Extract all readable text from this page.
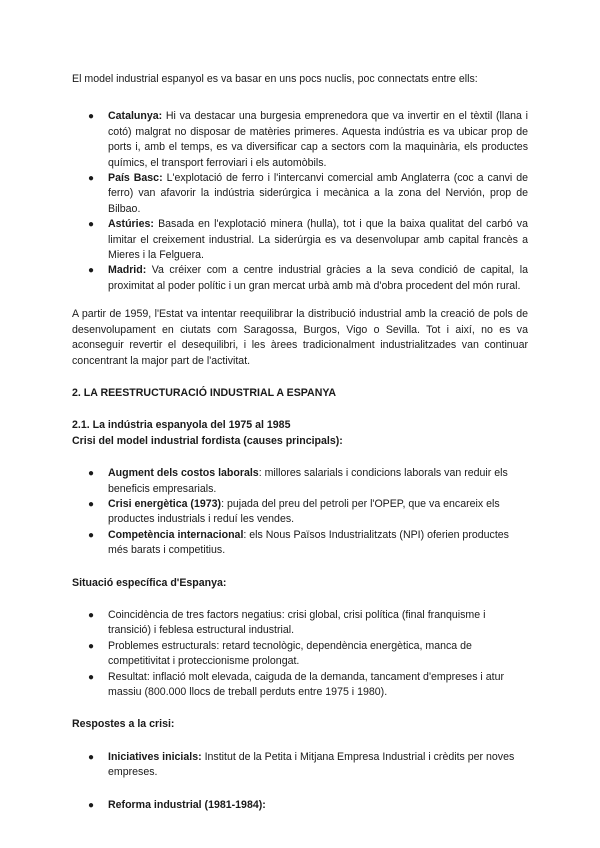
El model industrial espanyol es va basar en uns pocs nuclis, poc connectats entre ells:

● Catalunya: Hi va destacar una burgesia emprenedora que va invertir en el tèxtil (llana i cotó) malgrat no disposar de matèries primeres. Aquesta indústria es va ubicar prop de ports i, amb el temps, es va diversificar cap a sectors com la maquinària, els productes químics, el transport ferroviari i els automòbils.
● País Basc: L'explotació de ferro i l'intercanvi comercial amb Anglaterra (coc a canvi de ferro) van afavorir la indústria siderúrgica i mecànica a la zona del Nervión, prop de Bilbao.
● Astúries: Basada en l'explotació minera (hulla), tot i que la baixa qualitat del carbó va limitar el creixement industrial. La siderúrgia es va desenvolupar amb capital francès a Mieres i la Felguera.
● Madrid: Va créixer com a centre industrial gràcies a la seva condició de capital, la proximitat al poder polític i un gran mercat urbà amb mà d'obra procedent del món rural.

A partir de 1959, l'Estat va intentar reequilibrar la distribució industrial amb la creació de pols de desenvolupament en ciutats com Saragossa, Burgos, Vigo o Sevilla. Tot i així, no es va aconseguir revertir el desequilibri, i les àrees tradicionalment industrialitzades van continuar concentrant la major part de l'activitat.

2. LA REESTRUCTURACIÓ INDUSTRIAL A ESPANYA

2.1. La indústria espanyola del 1975 al 1985

Crisi del model industrial fordista (causes principals):

● Augment dels costos laborals: millores salarials i condicions laborals van reduir els beneficis empresarials.
● Crisi energètica (1973): pujada del preu del petroli per l'OPEP, que va encareix els productes industrials i reduí les vendes.
● Competència internacional: els Nous Països Industrialitzats (NPI) oferien productes més barats i competitius.

Situació específica d'Espanya:

● Coincidència de tres factors negatius: crisi global, crisi política (final franquisme i transició) i feblesa estructural industrial.
● Problemes estructurals: retard tecnològic, dependència energètica, manca de competitivitat i proteccionisme prolongat.
● Resultat: inflació molt elevada, caiguda de la demanda, tancament d'empreses i atur massiu (800.000 llocs de treball perduts entre 1975 i 1980).

Respostes a la crisi:

● Iniciatives inicials: Institut de la Petita i Mitjana Empresa Industrial i crèdits per noves empreses.
● Reforma industrial (1981-1984):
